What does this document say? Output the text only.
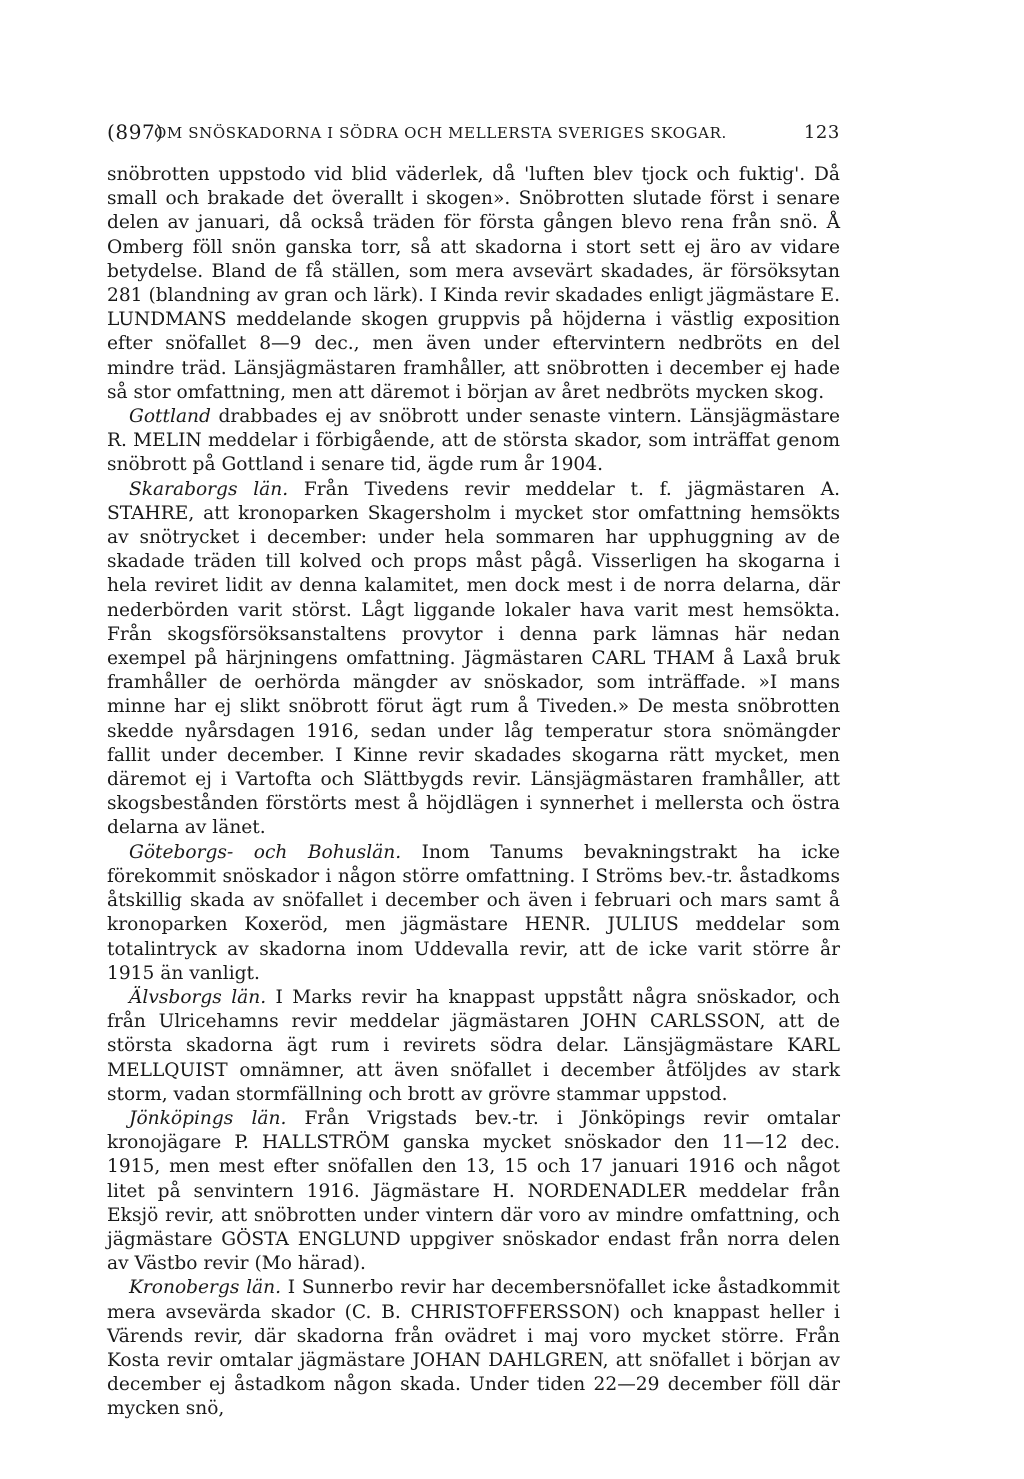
(897)
OM SNÖSKADORNA I SÖDRA OCH MELLERSTA SVERIGES SKOGAR.	123

snöbrotten uppstodo vid blid väderlek, då 'luften blev tjock och fuktig'. Då small och brakade det överallt i skogen». Snöbrotten slutade först i senare delen av januari, då också träden för första gången blevo rena från snö. Å Omberg föll snön ganska torr, så att skadorna i stort sett ej äro av vidare betydelse. Bland de få ställen, som mera avsevärt skadades, är försöksytan 281 (blandning av gran och lärk). I Kinda revir skadades enligt jägmästare E. LUNDMANS meddelande skogen gruppvis på höjderna i västlig exposition efter snöfallet 8—9 dec., men även under eftervintern nedbröts en del mindre träd. Länsjägmästaren framhåller, att snöbrotten i december ej hade så stor omfattning, men att däremot i början av året nedbröts mycken skog.

Gottland drabbades ej av snöbrott under senaste vintern. Länsjägmästare R. MELIN meddelar i förbigående, att de största skador, som inträffat genom snöbrott på Gottland i senare tid, ägde rum år 1904.

Skaraborgs län. Från Tivedens revir meddelar t. f. jägmästaren A. STAHRE, att kronoparken Skagersholm i mycket stor omfattning hemsökts av snötrycket i december: under hela sommaren har upphuggning av de skadade träden till kolved och props måst pågå. Visserligen ha skogarna i hela reviret lidit av denna kalamitet, men dock mest i de norra delarna, där nederbörden varit störst. Lågt liggande lokaler hava varit mest hemsökta. Från skogsförsöksanstaltens provytor i denna park lämnas här nedan exempel på härjningens omfattning. Jägmästaren CARL THAM å Laxå bruk framhåller de oerhörda mängder av snöskador, som inträffade. »I mans minne har ej slikt snöbrott förut ägt rum å Tiveden.» De mesta snöbrotten skedde nyårsdagen 1916, sedan under låg temperatur stora snömängder fallit under december. I Kinne revir skadades skogarna rätt mycket, men däremot ej i Vartofta och Slättbygds revir. Länsjägmästaren framhåller, att skogsbestånden förstörts mest å höjdlägen i synnerhet i mellersta och östra delarna av länet.

Göteborgs- och Bohuslän. Inom Tanums bevakningstrakt ha icke förekommit snöskador i någon större omfattning. I Ströms bev.-tr. åstadkoms åtskillig skada av snöfallet i december och även i februari och mars samt å kronoparken Koxeröd, men jägmästare HENR. JULIUS meddelar som totalintryck av skadorna inom Uddevalla revir, att de icke varit större år 1915 än vanligt.

Älvsborgs län. I Marks revir ha knappast uppstått några snöskador, och från Ulricehamns revir meddelar jägmästaren JOHN CARLSSON, att de största skadorna ägt rum i revirets södra delar. Länsjägmästare KARL MELLQUIST omnämner, att även snöfallet i december åtföljdes av stark storm, vadan stormfällning och brott av grövre stammar uppstod.

Jönköpings län. Från Vrigstads bev.-tr. i Jönköpings revir omtalar kronojägare P. HALLSTRÖM ganska mycket snöskador den 11—12 dec. 1915, men mest efter snöfallen den 13, 15 och 17 januari 1916 och något litet på senvintern 1916. Jägmästare H. NORDENADLER meddelar från Eksjö revir, att snöbrotten under vintern där voro av mindre omfattning, och jägmästare GÖSTA ENGLUND uppgiver snöskador endast från norra delen av Västbo revir (Mo härad).

Kronobergs län. I Sunnerbo revir har decembersnöfallet icke åstadkommit mera avsevärda skador (C. B. CHRISTOFFERSSON) och knappast heller i Värends revir, där skadorna från ovädret i maj voro mycket större. Från Kosta revir omtalar jägmästare JOHAN DAHLGREN, att snöfallet i början av december ej åstadkom någon skada. Under tiden 22—29 december föll där mycken snö,
